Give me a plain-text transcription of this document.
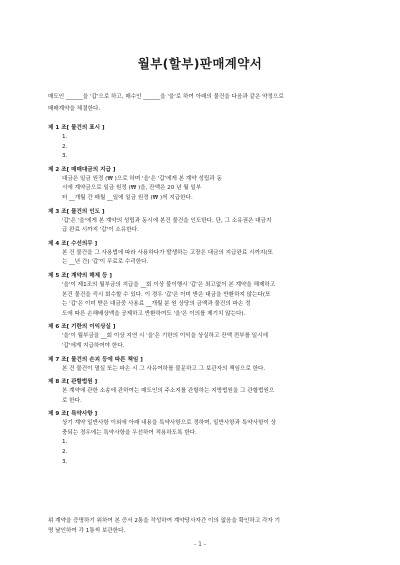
월부(할부)판매계약서
매도인 ______을 '갑'으로 하고, 매수인 ______을 '을'로 하여 아래의 물건을 다음과 같은 약정으로
매매계약을 체결한다.
제 1 조[ 물건의 표시 ]
1.
2.
3.
제 2 조[ 매매대금의 지급 ]
대금은 일금 원정 (₩ )으로 하며 '을'은 '갑'에게 본 계약 성립과 동
시에 계약금으로 일금 원정 (₩ )을, 잔액은 20 년 월 일부
터 __개월 간 매월 __일에 일금 원정 (₩ )씩 지급한다.
제 3 조[ 물건의 인도 ]
'갑'은 '을'에게 본 계약의 성립과 동시에 본건 물건을 인도한다. 단, 그 소유권은 대금지
급 완료 시까지 '갑'이 소유한다.
제 4 조[ 수선의무 ]
본 건 물건을 그 사용법에 따라 사용하다가 발생하는 고장은 대금의 지급완료 시까지(또
는 __년 간) '갑'이 무료로 수리한다.
제 5 조[ 계약의 해제 등 ]
'을'이 제1조의 월부금의 지급을 __회 이상 불이행시 '갑'은 최고없이 본 계약을 해제하고
본건 물건을 즉시 회수할 수 있다. 이 경우 '갑'은 이미 받은 대금을 반환하지 않는다(또
는 '갑'은 이미 받은 대금중 사용료 __개월 분 원 상당의 금액과 물건의 파손 정
도에 따른 손해배상액을 공제하고 반환하여도 '을'은 이의를 제기치 않는다).
제 6 조[ 기한의 이익상실 ]
'을'이 월부금을 __회 이상 지연 시 '을'은 기한의 이익을 상실하고 잔액 전부를 일시에
'갑'에게 지급하여야 한다.
제 7 조[ 물건의 손괴 등에 따른 책임 ]
본 건 물건이 멸실 또는 파손 시 그 사유여하를 불문하고 그 보관자의 책임으로 한다.
제 8 조[ 관할법원 ]
본 계약에 관한 소송에 관하여는 매도인의 주소지를 관할하는 지방법원을 그 관할법원으
로 한다.
제 9 조[ 특약사항 ]
상기 계약 일반사항 이외에 아래 내용을 특약사항으로 정하며, 일반사항과 특약사항이 상
충되는 경우에는 특약사항을 우선하여 적용하도록 한다.
1.
2.
3.
위 계약을 증명하기 위하여 본 증서 2통을 작성하여 계약당사자간 이의 없음을 확인하고 각자 기
명 날인하여 각 1통씩 보관한다.
- 1 -
